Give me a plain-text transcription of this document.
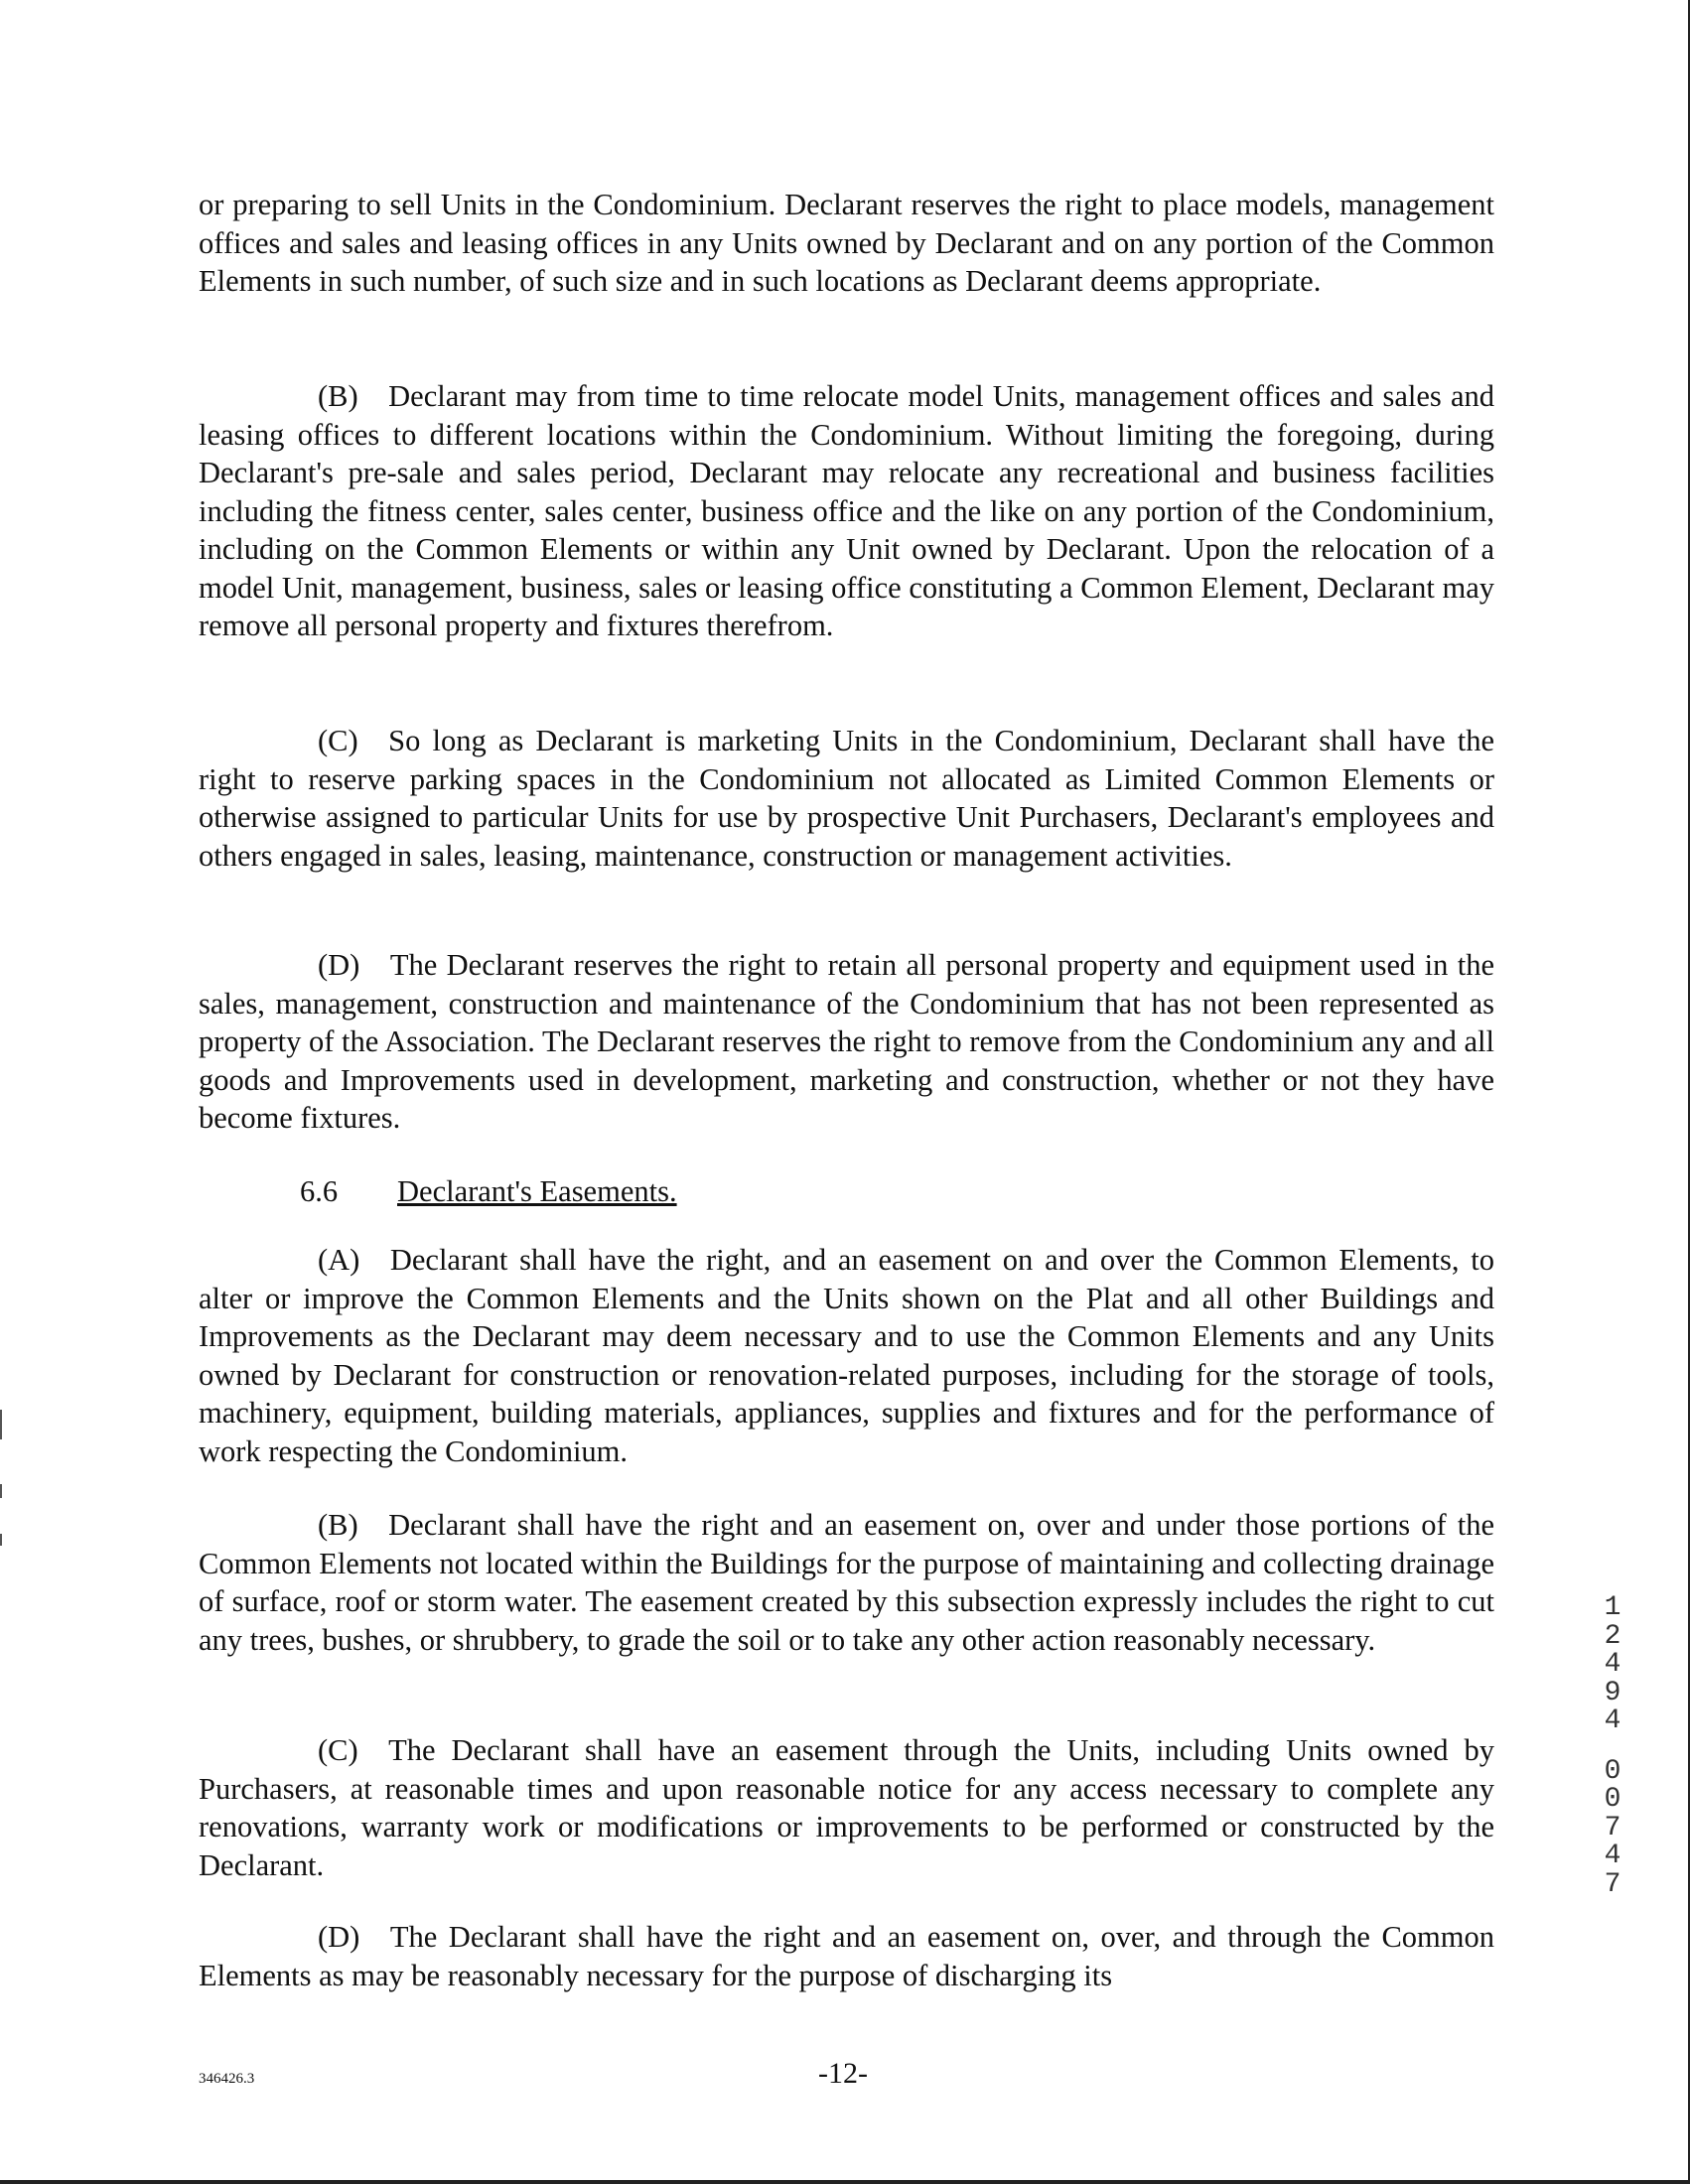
or preparing to sell Units in the Condominium. Declarant reserves the right to place models, management offices and sales and leasing offices in any Units owned by Declarant and on any portion of the Common Elements in such number, of such size and in such locations as Declarant deems appropriate.

(B) Declarant may from time to time relocate model Units, management offices and sales and leasing offices to different locations within the Condominium. Without limiting the foregoing, during Declarant's pre-sale and sales period, Declarant may relocate any recreational and business facilities including the fitness center, sales center, business office and the like on any portion of the Condominium, including on the Common Elements or within any Unit owned by Declarant. Upon the relocation of a model Unit, management, business, sales or leasing office constituting a Common Element, Declarant may remove all personal property and fixtures therefrom.

(C) So long as Declarant is marketing Units in the Condominium, Declarant shall have the right to reserve parking spaces in the Condominium not allocated as Limited Common Elements or otherwise assigned to particular Units for use by prospective Unit Purchasers, Declarant's employees and others engaged in sales, leasing, maintenance, construction or management activities.

(D) The Declarant reserves the right to retain all personal property and equipment used in the sales, management, construction and maintenance of the Condominium that has not been represented as property of the Association. The Declarant reserves the right to remove from the Condominium any and all goods and Improvements used in development, marketing and construction, whether or not they have become fixtures.

6.6 Declarant's Easements.

(A) Declarant shall have the right, and an easement on and over the Common Elements, to alter or improve the Common Elements and the Units shown on the Plat and all other Buildings and Improvements as the Declarant may deem necessary and to use the Common Elements and any Units owned by Declarant for construction or renovation-related purposes, including for the storage of tools, machinery, equipment, building materials, appliances, supplies and fixtures and for the performance of work respecting the Condominium.

(B) Declarant shall have the right and an easement on, over and under those portions of the Common Elements not located within the Buildings for the purpose of maintaining and collecting drainage of surface, roof or storm water. The easement created by this subsection expressly includes the right to cut any trees, bushes, or shrubbery, to grade the soil or to take any other action reasonably necessary.

(C) The Declarant shall have an easement through the Units, including Units owned by Purchasers, at reasonable times and upon reasonable notice for any access necessary to complete any renovations, warranty work or modifications or improvements to be performed or constructed by the Declarant.

(D) The Declarant shall have the right and an easement on, over, and through the Common Elements as may be reasonably necessary for the purpose of discharging its

346426.3	-12-
1
2
4
9
4
0
0
7
4
7
